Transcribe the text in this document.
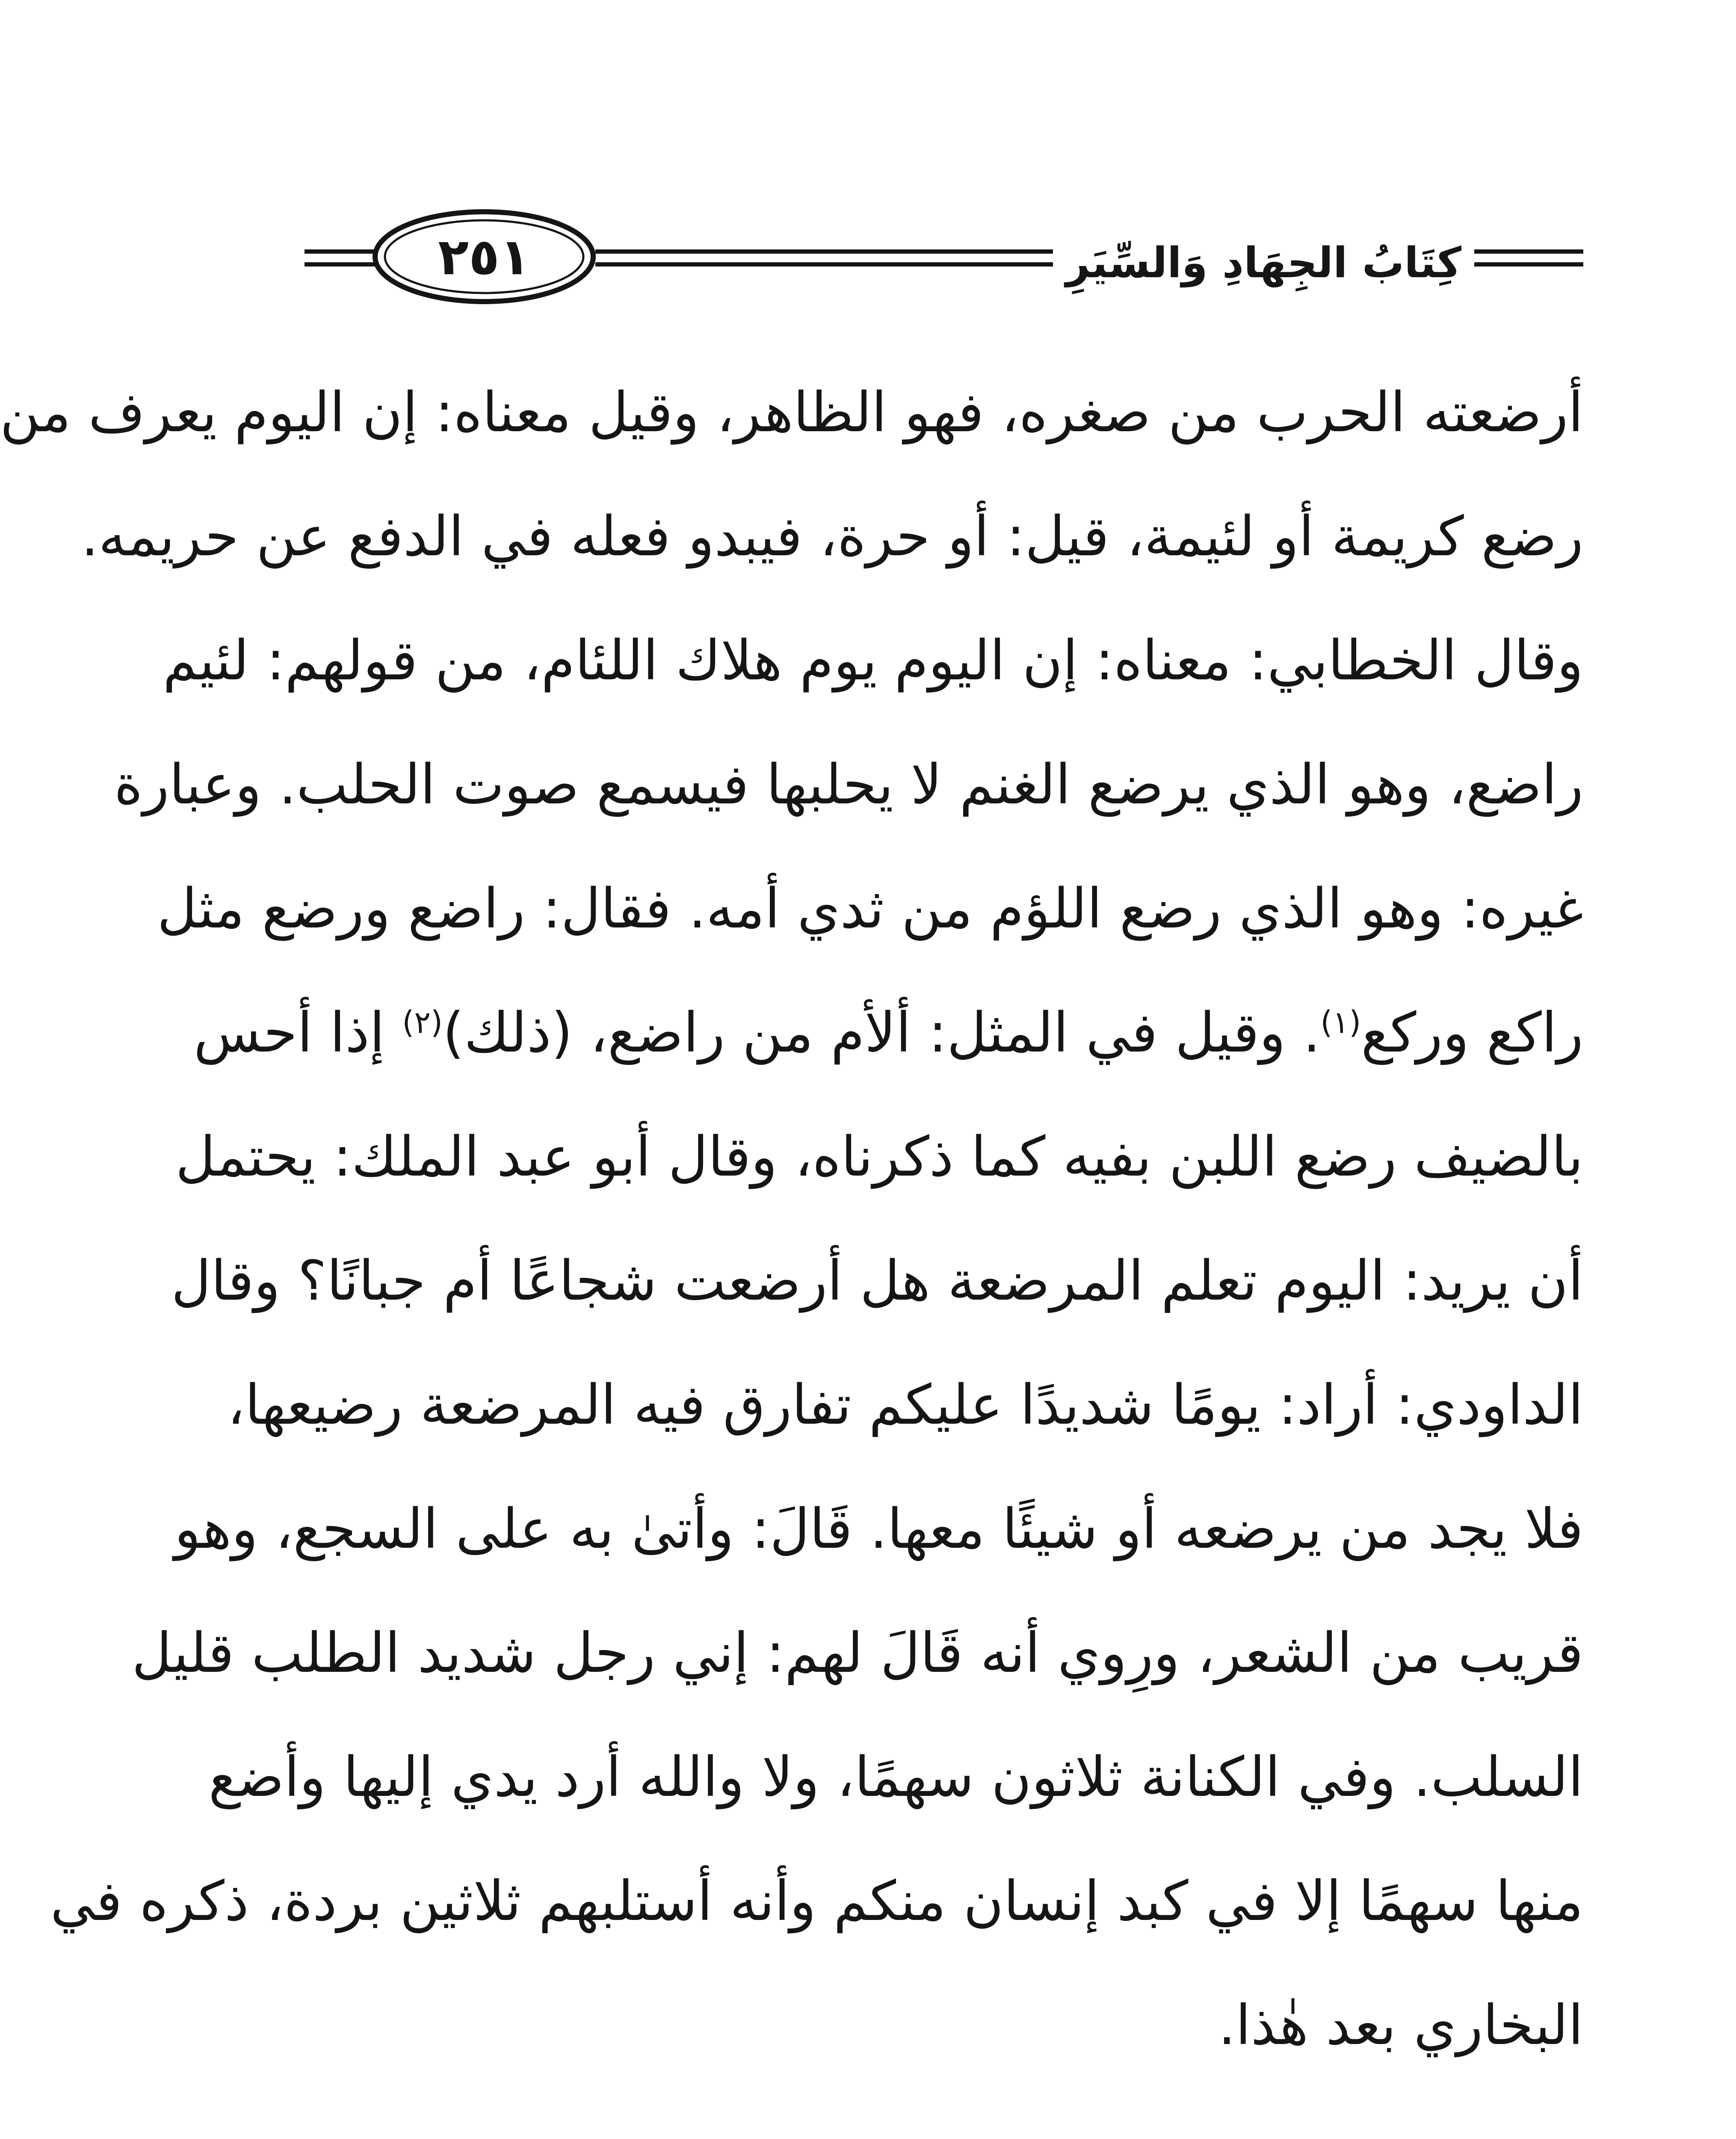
٢٥١	كِتَابُ الجِهَادِ وَالسِّيَرِ
أرضعته الحرب من صغره، فهو الظاهر، وقيل معناه: إن اليوم يعرف من
رضع كريمة أو لئيمة، قيل: أو حرة، فيبدو فعله في الدفع عن حريمه.
وقال الخطابي: معناه: إن اليوم يوم هلاك اللئام، من قولهم: لئيم
راضع، وهو الذي يرضع الغنم لا يحلبها فيسمع صوت الحلب. وعبارة
غيره: وهو الذي رضع اللؤم من ثدي أمه. فقال: راضع ورضع مثل
راكع وركع$^{(١)}$. وقيل في المثل: ألأم من راضع، (ذلك)$^{(٢)}$ إذا أحس
بالضيف رضع اللبن بفيه كما ذكرناه، وقال أبو عبد الملك: يحتمل
أن يريد: اليوم تعلم المرضعة هل أرضعت شجاعًا أم جبانًا؟ وقال
الداودي: أراد: يومًا شديدًا عليكم تفارق فيه المرضعة رضيعها،
فلا يجد من يرضعه أو شيئًا معها. قَالَ: وأتىٰ به على السجع، وهو
قريب من الشعر، ورِوي أنه قَالَ لهم: إني رجل شديد الطلب قليل
السلب. وفي الكنانة ثلاثون سهمًا، ولا والله أرد يدي إليها وأضع
منها سهمًا إلا في كبد إنسان منكم وأنه أستلبهم ثلاثين بردة، ذكره في
البخاري بعد هٰذا.
